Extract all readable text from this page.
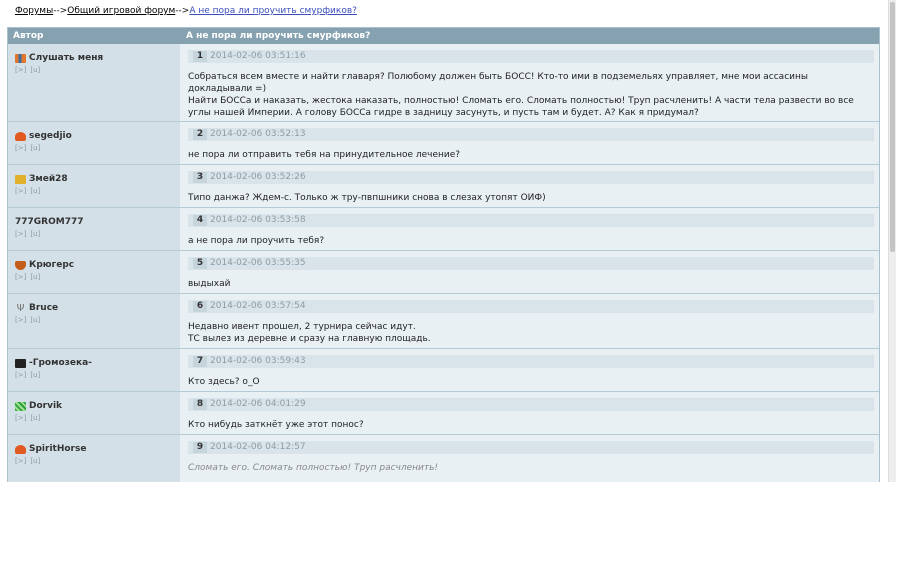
Форумы-->Общий игровой форум-->А не пора ли проучить смурфиков?
Автор	А не пора ли проучить смурфиков?
Слушать меня
[>] [u]
1 2014-02-06 03:51:16

Собраться всем вместе и найти главаря? Полюбому должен быть БОСС! Кто-то ими в подземельях управляет, мне мои ассасины докладывали =)

Найти БОССа и наказать, жестока наказать, полностью! Сломать его. Сломать полностью! Труп расчленить! А части тела развести во все углы нашей Империи. А голову БОССа гидре в задницу засунуть, и пусть там и будет. А? Как я придумал?

segedjio
[>] [u]
2 2014-02-06 03:52:13

не пора ли отправить тебя на принудительное лечение?

Змей28
[>] [u]
3 2014-02-06 03:52:26

Типо данжа? Ждем-с. Только ж тру-пвпшники снова в слезах утопят ОИФ)

777GROM777
[>] [u]
4 2014-02-06 03:53:58

а не пора ли проучить тебя?

Крюгерс
[>] [u]
5 2014-02-06 03:55:35

выдыхай

Ψ Bruce
[>] [u]
6 2014-02-06 03:57:54

Недавно ивент прошел, 2 турнира сейчас идут.

ТС вылез из деревне и сразу на главную площадь.

-Громозека-
[>] [u]
7 2014-02-06 03:59:43

Кто здесь? о_О

Dorvik
[>] [u]
8 2014-02-06 04:01:29

Кто нибудь заткнёт уже этот понос?

SpiritHorse
[>] [u]
9 2014-02-06 04:12:57

Сломать его. Сломать полностью! Труп расчленить!
